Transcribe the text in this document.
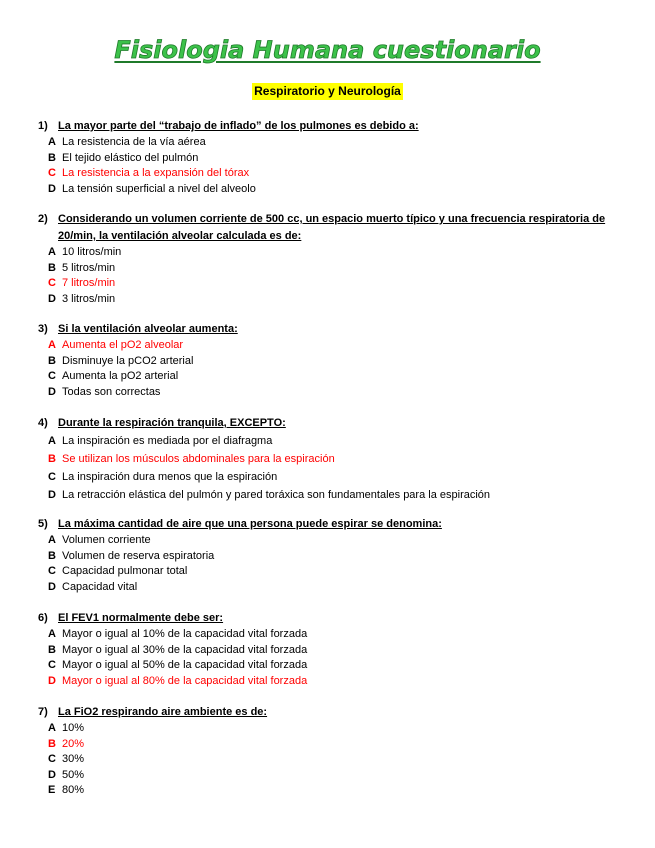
Fisiologia Humana cuestionario
Respiratorio y Neurología
1) La mayor parte del “trabajo de inflado” de los pulmones es debido a:
A La resistencia de la vía aérea
B El tejido elástico del pulmón
C La resistencia a la expansión del tórax
D La tensión superficial a nivel del alveolo
2) Considerando un volumen corriente de 500 cc, un espacio muerto típico y una frecuencia respiratoria de 20/min, la ventilación alveolar calculada es de:
A 10 litros/min
B 5 litros/min
C 7 litros/min
D 3 litros/min
3) Si la ventilación alveolar aumenta:
A Aumenta el pO2 alveolar
B Disminuye la pCO2 arterial
C Aumenta la pO2 arterial
D Todas son correctas
4) Durante la respiración tranquila, EXCEPTO:
A La inspiración es mediada por el diafragma
B Se utilizan los músculos abdominales para la espiración
C La inspiración dura menos que la espiración
D La retracción elástica del pulmón y pared toráxica son fundamentales para la espiración
5) La máxima cantidad de aire que una persona puede espirar se denomina:
A Volumen corriente
B Volumen de reserva espiratoria
C Capacidad pulmonar total
D Capacidad vital
6) El FEV1 normalmente debe ser:
A Mayor o igual al 10% de la capacidad vital forzada
B Mayor o igual al 30% de la capacidad vital forzada
C Mayor o igual al 50% de la capacidad vital forzada
D Mayor o igual al 80% de la capacidad vital forzada
7) La FiO2 respirando aire ambiente es de:
A 10%
B 20%
C 30%
D 50%
E 80%
